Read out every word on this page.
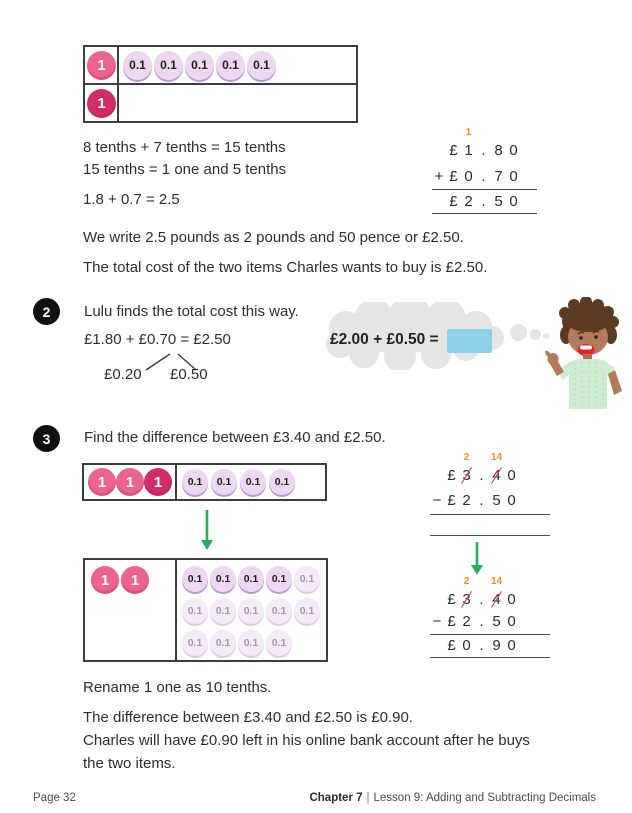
1	0.1	0.1	0.1	0.1	0.1
1
8 tenths + 7 tenths = 15 tenths
15 tenths = 1 one and 5 tenths
1.8 + 0.7 = 2.5
1
£ 1 . 8 0
+ £ 0 . 7 0
£ 2 . 5 0
We write 2.5 pounds as 2 pounds and 50 pence or £2.50.
The total cost of the two items Charles wants to buy is £2.50.
2	Lulu finds the total cost this way.
£1.80 + £0.70 = £2.50
£0.20 £0.50
£2.00 + £0.50 =
3	Find the difference between £3.40 and £2.50.
1	1	1	0.1	0.1	0.1	0.1
1	1	0.1	0.1	0.1	0.1	0.1
0.1	0.1	0.1	0.1	0.1
0.1	0.1	0.1	0.1
2 14
£ 3 . 4 0
− £ 2 . 5 0
2 14
£ 3 . 4 0
− £ 2 . 5 0
£ 0 . 9 0
Rename 1 one as 10 tenths.
The difference between £3.40 and £2.50 is £0.90.
Charles will have £0.90 left in his online bank account after he buys
the two items.
Page 32	Chapter 7 | Lesson 9: Adding and Subtracting Decimals
